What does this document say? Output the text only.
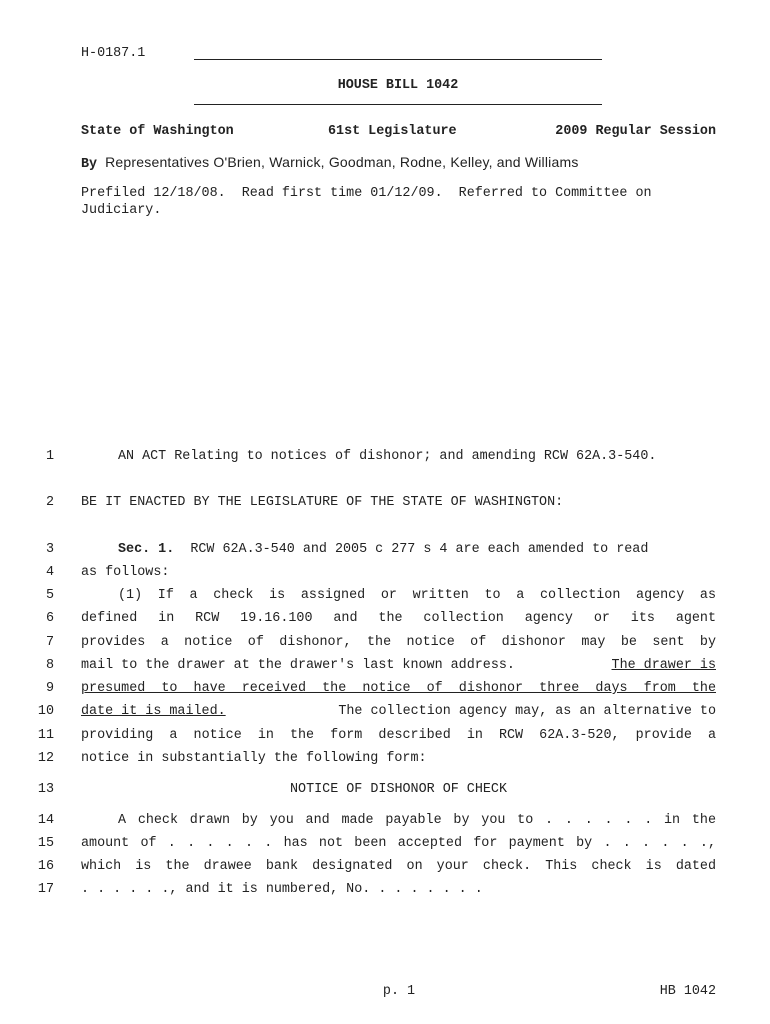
H-0187.1
HOUSE BILL 1042
State of Washington	61st Legislature	2009 Regular Session
By Representatives O'Brien, Warnick, Goodman, Rodne, Kelley, and Williams
Prefiled 12/18/08.  Read first time 01/12/09.  Referred to Committee on
Judiciary.
1
2
3
4
5
6
7
8
9
10
11
12
13
14
15
16
17
AN ACT Relating to notices of dishonor; and amending RCW 62A.3-540.
BE IT ENACTED BY THE LEGISLATURE OF THE STATE OF WASHINGTON:
Sec. 1. RCW 62A.3-540 and 2005 c 277 s 4 are each amended to read
as follows:
(1) If a check is assigned or written to a collection agency as
defined in RCW 19.16.100 and the collection agency or its agent
provides a notice of dishonor, the notice of dishonor may be sent by
mail to the drawer at the drawer's last known address.	The drawer is
presumed to have received the notice of dishonor three days from the
date it is mailed.	The collection agency may, as an alternative to
providing a notice in the form described in RCW 62A.3-520, provide a
notice in substantially the following form:
NOTICE OF DISHONOR OF CHECK
A check drawn by you and made payable by you to . . . . . . in the
amount of . . . . . . has not been accepted for payment by . . . . . .,
which is the drawee bank designated on your check. This check is dated
. . . . . ., and it is numbered, No. . . . . . . .
p. 1	HB 1042
